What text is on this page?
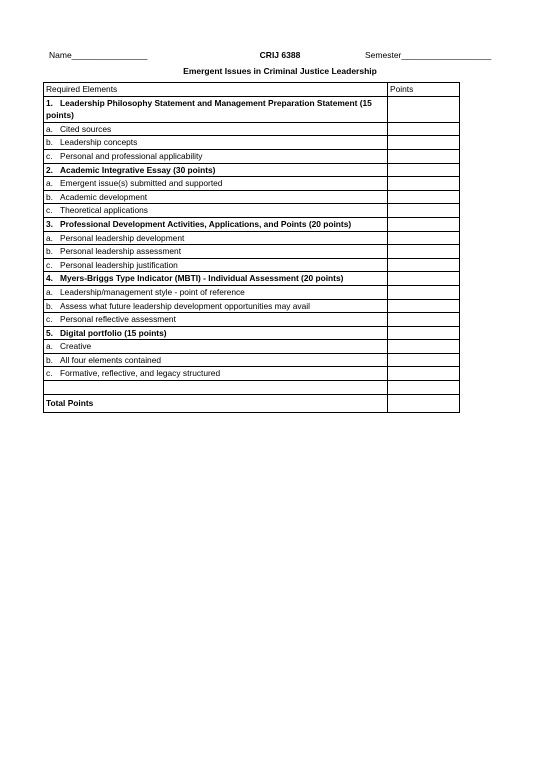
Name________________	CRIJ 6388	Semester___________________
Emergent Issues in Criminal Justice Leadership
Required Elements	Points
1. Leadership Philosophy Statement and Management Preparation Statement (15 points)	
a. Cited sources	
b. Leadership concepts	
c. Personal and professional applicability	
2. Academic Integrative Essay (30 points)	
a. Emergent issue(s) submitted and supported	
b. Academic development	
c. Theoretical applications	
3. Professional Development Activities, Applications, and Points (20 points)	
a. Personal leadership development	
b. Personal leadership assessment	
c. Personal leadership justification	
4. Myers-Briggs Type Indicator (MBTI) - Individual Assessment (20 points)	
a. Leadership/management style - point of reference	
b. Assess what future leadership development opportunities may avail	
c. Personal reflective assessment	
5. Digital portfolio (15 points)	
a. Creative	
b. All four elements contained	
c. Formative, reflective, and legacy structured	

Total Points	
